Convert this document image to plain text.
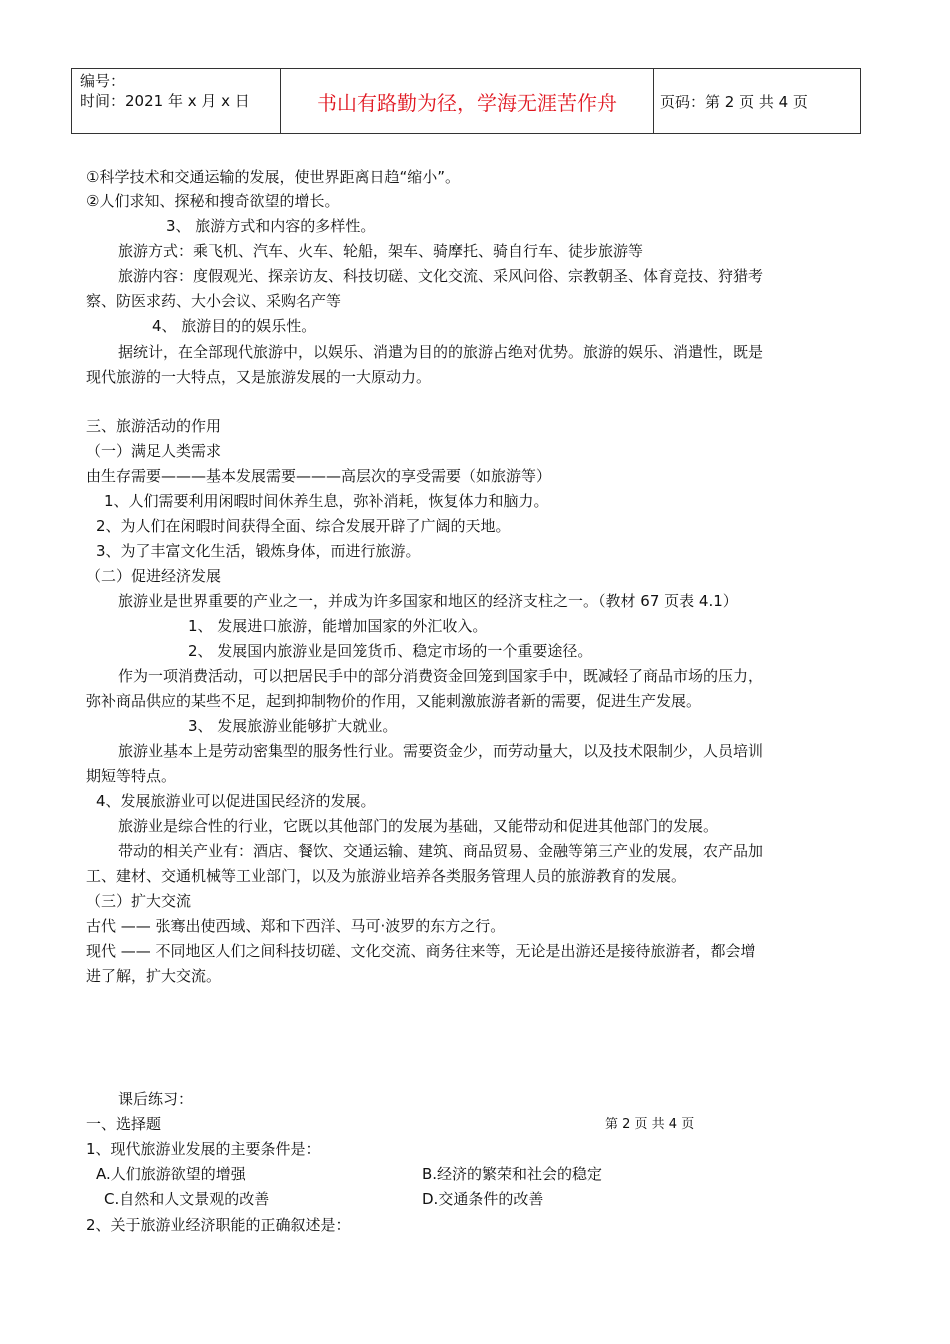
编号：
时间：2021 年 x 月 x 日	书山有路勤为径，学海无涯苦作舟	页码：第 2 页 共 4 页
①科学技术和交通运输的发展，使世界距离日趋“缩小”。
②人们求知、探秘和搜奇欲望的增长。
3、 旅游方式和内容的多样性。
旅游方式：乘飞机、汽车、火车、轮船，架车、骑摩托、骑自行车、徒步旅游等
旅游内容：度假观光、探亲访友、科技切磋、文化交流、采风问俗、宗教朝圣、体育竞技、狩猎考
察、防医求药、大小会议、采购名产等
4、 旅游目的的娱乐性。
据统计，在全部现代旅游中，以娱乐、消遣为目的的旅游占绝对优势。旅游的娱乐、消遣性，既是
现代旅游的一大特点，又是旅游发展的一大原动力。
三、旅游活动的作用
（一）满足人类需求
由生存需要———基本发展需要———高层次的享受需要（如旅游等）
1、人们需要利用闲暇时间休养生息，弥补消耗，恢复体力和脑力。
2、为人们在闲暇时间获得全面、综合发展开辟了广阔的天地。
3、为了丰富文化生活，锻炼身体，而进行旅游。
（二）促进经济发展
旅游业是世界重要的产业之一，并成为许多国家和地区的经济支柱之一。（教材 67 页表 4.1）
1、 发展进口旅游，能增加国家的外汇收入。
2、 发展国内旅游业是回笼货币、稳定市场的一个重要途径。
作为一项消费活动，可以把居民手中的部分消费资金回笼到国家手中，既减轻了商品市场的压力，
弥补商品供应的某些不足，起到抑制物价的作用，又能刺激旅游者新的需要，促进生产发展。
3、 发展旅游业能够扩大就业。
旅游业基本上是劳动密集型的服务性行业。需要资金少，而劳动量大，以及技术限制少，人员培训
期短等特点。
4、发展旅游业可以促进国民经济的发展。
旅游业是综合性的行业，它既以其他部门的发展为基础，又能带动和促进其他部门的发展。
带动的相关产业有：酒店、餐饮、交通运输、建筑、商品贸易、金融等第三产业的发展，农产品加
工、建材、交通机械等工业部门，以及为旅游业培养各类服务管理人员的旅游教育的发展。
（三）扩大交流
古代 —— 张骞出使西域、郑和下西洋、马可·波罗的东方之行。
现代 —— 不同地区人们之间科技切磋、文化交流、商务往来等，无论是出游还是接待旅游者，都会增
进了解，扩大交流。
课后练习：
一、选择题
1、现代旅游业发展的主要条件是：
A.人们旅游欲望的增强	B.经济的繁荣和社会的稳定
C.自然和人文景观的改善	D.交通条件的改善
2、关于旅游业经济职能的正确叙述是：
第 2 页 共 4 页
